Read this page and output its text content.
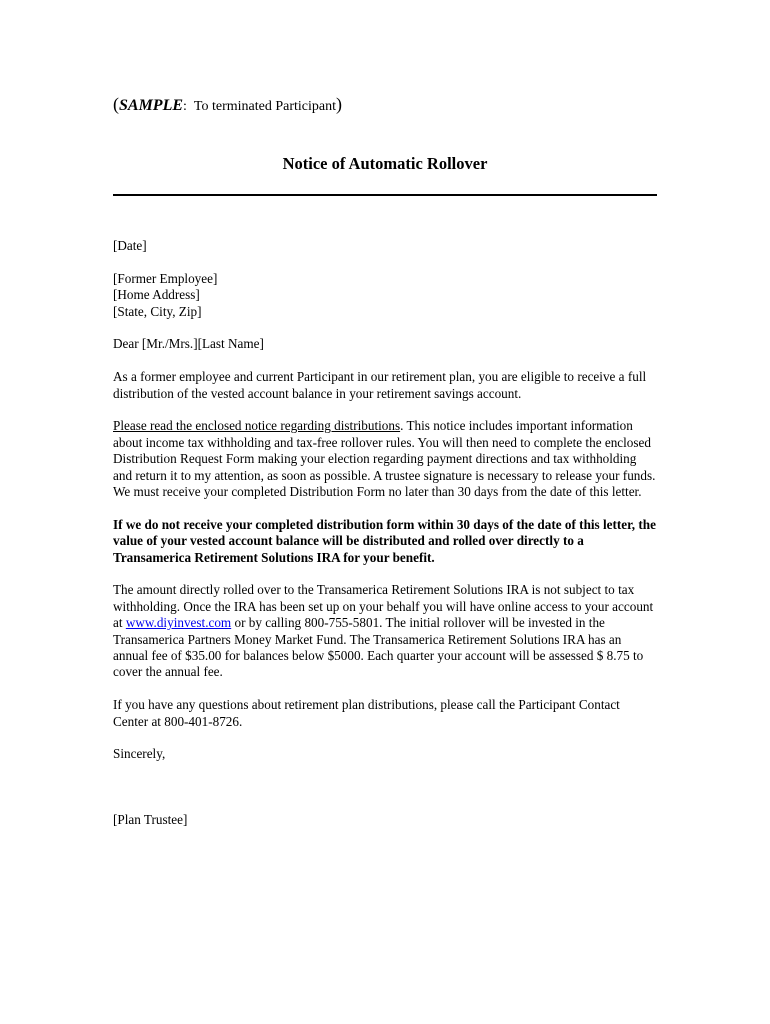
(SAMPLE: To terminated Participant)
Notice of Automatic Rollover

[Date]

[Former Employee]

[Home Address]

[State, City, Zip]

Dear [Mr./Mrs.][Last Name]

As a former employee and current Participant in our retirement plan, you are eligible to receive a full distribution of the vested account balance in your retirement savings account.

Please read the enclosed notice regarding distributions. This notice includes important information about income tax withholding and tax-free rollover rules. You will then need to complete the enclosed Distribution Request Form making your election regarding payment directions and tax withholding and return it to my attention, as soon as possible. A trustee signature is necessary to release your funds. We must receive your completed Distribution Form no later than 30 days from the date of this letter.

If we do not receive your completed distribution form within 30 days of the date of this letter, the value of your vested account balance will be distributed and rolled over directly to a Transamerica Retirement Solutions IRA for your benefit.

The amount directly rolled over to the Transamerica Retirement Solutions IRA is not subject to tax withholding. Once the IRA has been set up on your behalf you will have online access to your account at www.diyinvest.com or by calling 800-755-5801. The initial rollover will be invested in the Transamerica Partners Money Market Fund. The Transamerica Retirement Solutions IRA has an annual fee of $35.00 for balances below $5000. Each quarter your account will be assessed $ 8.75 to cover the annual fee.

If you have any questions about retirement plan distributions, please call the Participant Contact Center at 800-401-8726.

Sincerely,

[Plan Trustee]
